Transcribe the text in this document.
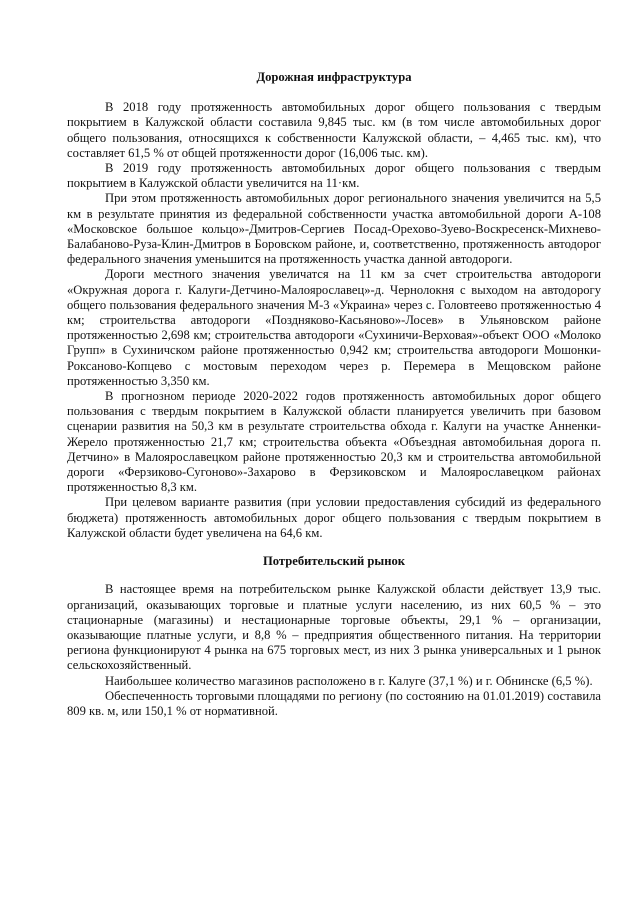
Дорожная инфраструктура

В 2018 году протяженность автомобильных дорог общего пользования с твердым покрытием в Калужской области составила 9,845 тыс. км (в том числе автомобильных дорог общего пользования, относящихся к собственности Калужской области, – 4,465 тыс. км), что составляет 61,5 % от общей протяженности дорог (16,006 тыс. км).

В 2019 году протяженность автомобильных дорог общего пользования с твердым покрытием в Калужской области увеличится на 11·км.

При этом протяженность автомобильных дорог регионального значения увеличится на 5,5 км в результате принятия из федеральной собственности участка автомобильной дороги А-108 «Московское большое кольцо»-Дмитров-Сергиев Посад-Орехово-Зуево-Воскресенск-Михнево-Балабаново-Руза-Клин-Дмитров в Боровском районе, и, соответственно, протяженность автодорог федерального значения уменьшится на протяженность участка данной автодороги.

Дороги местного значения увеличатся на 11 км за счет строительства автодороги «Окружная дорога г. Калуги-Детчино-Малоярославец»-д. Чернолокня с выходом на автодорогу общего пользования федерального значения М-3 «Украина» через с. Головтеево протяженностью 4 км; строительства автодороги «Поздняково-Касьяново»-Лосев» в Ульяновском районе протяженностью 2,698 км; строительства автодороги «Сухиничи-Верховая»-объект ООО «Молоко Групп» в Сухиничском районе протяженностью 0,942 км; строительства автодороги Мошонки-Роксаново-Копцево с мостовым переходом через р. Перемера в Мещовском районе протяженностью 3,350 км.

В прогнозном периоде 2020-2022 годов протяженность автомобильных дорог общего пользования с твердым покрытием в Калужской области планируется увеличить при базовом сценарии развития на 50,3 км в результате строительства обхода г. Калуги на участке Анненки-Жерело протяженностью 21,7 км; строительства объекта «Объездная автомобильная дорога п. Детчино» в Малоярославецком районе протяженностью 20,3 км и строительства автомобильной дороги «Ферзиково-Сугоново»-Захарово в Ферзиковском и Малоярославецком районах протяженностью 8,3 км.

При целевом варианте развития (при условии предоставления субсидий из федерального бюджета) протяженность автомобильных дорог общего пользования с твердым покрытием в Калужской области будет увеличена на 64,6 км.

Потребительский рынок

В настоящее время на потребительском рынке Калужской области действует 13,9 тыс. организаций, оказывающих торговые и платные услуги населению, из них 60,5 % – это стационарные (магазины) и нестационарные торговые объекты, 29,1 % – организации, оказывающие платные услуги, и 8,8 % – предприятия общественного питания. На территории региона функционируют 4 рынка на 675 торговых мест, из них 3 рынка универсальных и 1 рынок сельскохозяйственный.

Наибольшее количество магазинов расположено в г. Калуге (37,1 %) и г. Обнинске (6,5 %).

Обеспеченность торговыми площадями по региону (по состоянию на 01.01.2019) составила 809 кв. м, или 150,1 % от нормативной.
